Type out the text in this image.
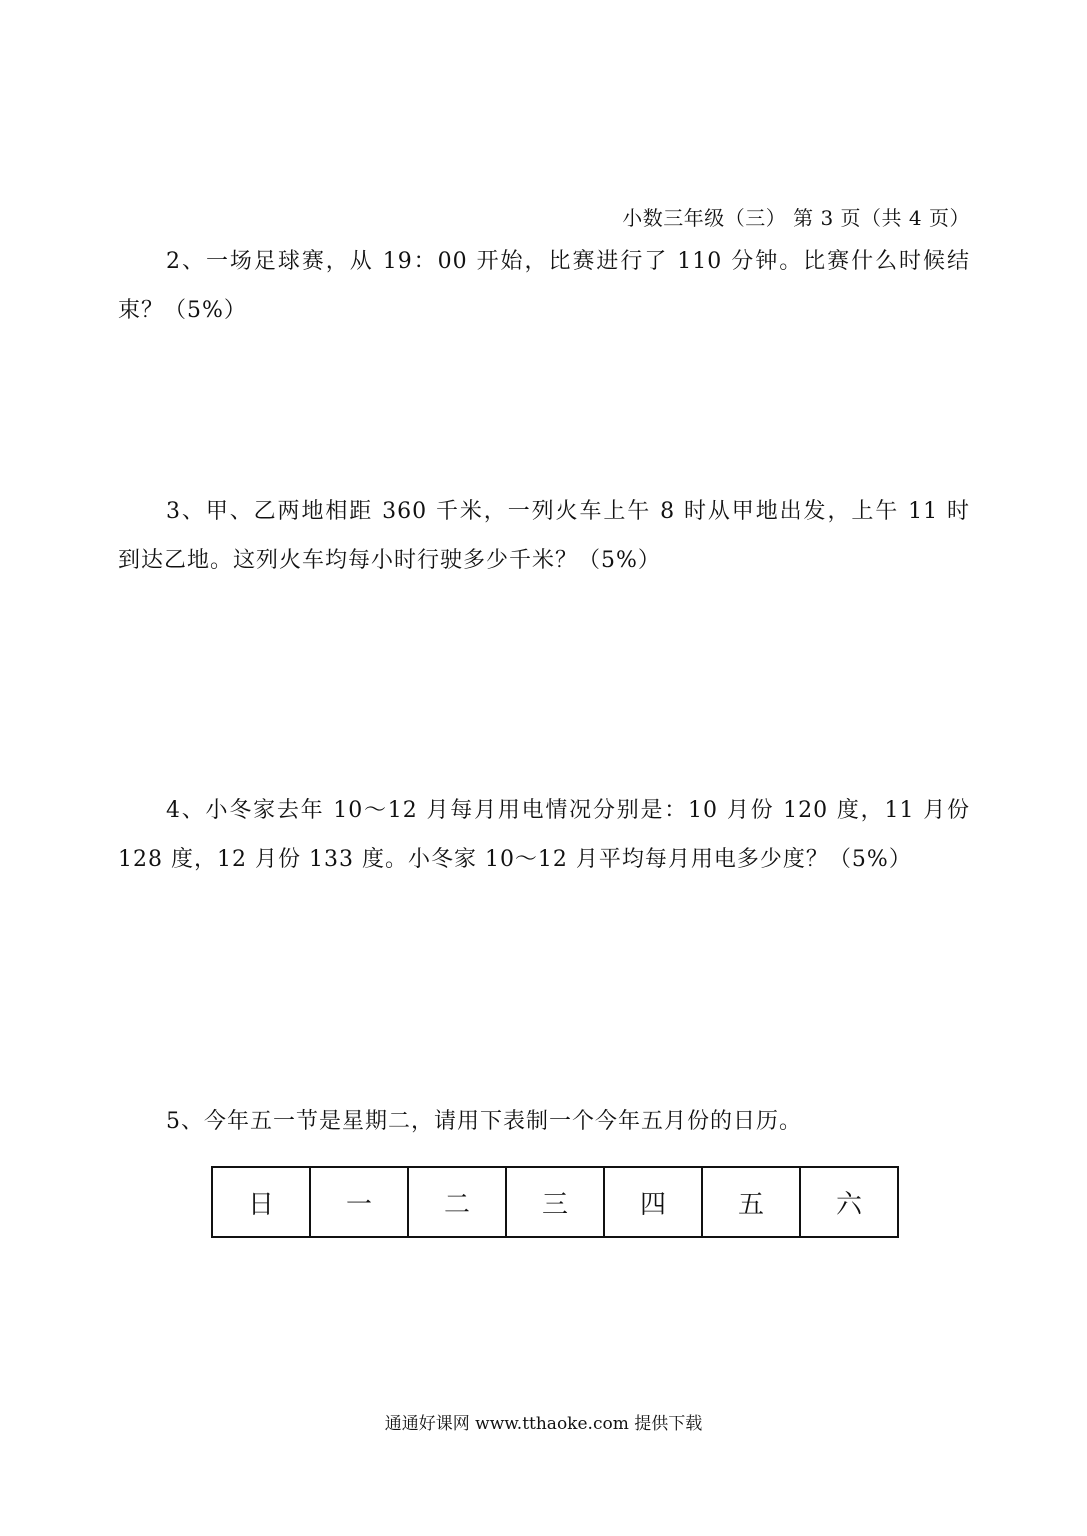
小数三年级（三） 第 3 页（共 4 页）

2、一场足球赛，从 19：00 开始，比赛进行了 110 分钟。比赛什么时候结

束？（5%）

3、甲、乙两地相距 360 千米，一列火车上午 8 时从甲地出发，上午 11 时

到达乙地。这列火车均每小时行驶多少千米？（5%）

4、小冬家去年 10～12 月每月用电情况分别是：10 月份 120 度，11 月份

128 度，12 月份 133 度。小冬家 10～12 月平均每月用电多少度？（5%）

5、今年五一节是星期二，请用下表制一个今年五月份的日历。

日	一	二	三	四	五	六
通通好课网 www.tthaoke.com 提供下载
